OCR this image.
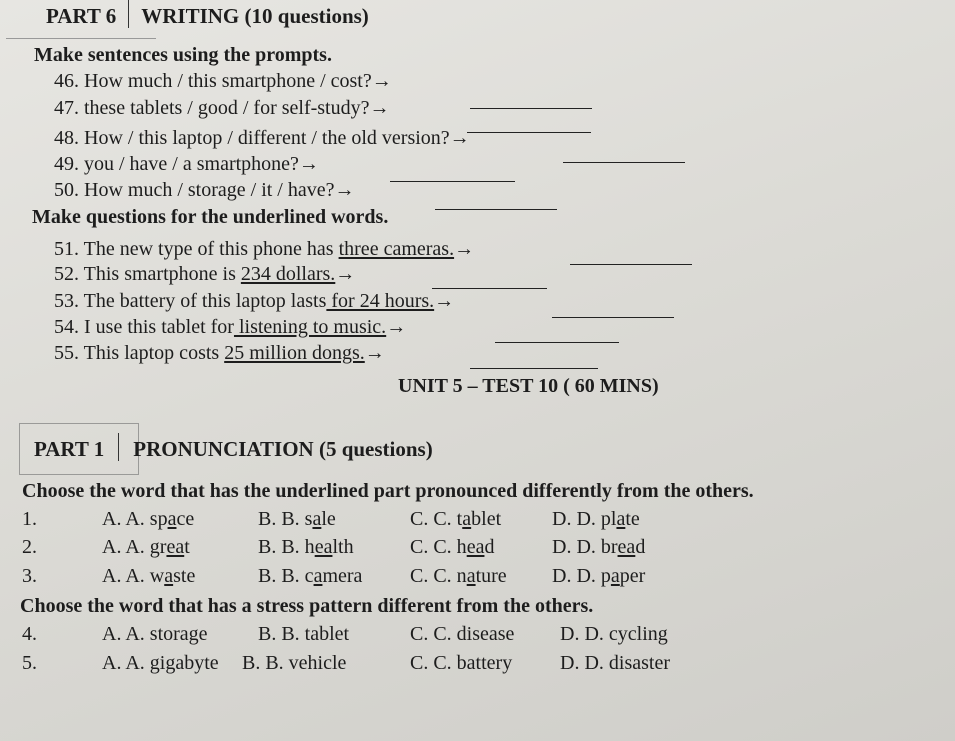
PART 6 WRITING (10 questions)
Make sentences using the prompts.
46. How much / this smartphone / cost?→
47. these tablets / good / for self-study?→
48. How / this laptop / different / the old version?→
49. you / have / a smartphone?→
50. How much / storage / it / have?→
Make questions for the underlined words.
51. The new type of this phone has three cameras.→
52. This smartphone is 234 dollars.→
53. The battery of this laptop lasts for 24 hours.→
54. I use this tablet for listening to music.→
55. This laptop costs 25 million dongs.→
UNIT 5 – TEST 10 ( 60 MINS)
PART 1 PRONUNCIATION (5 questions)
Choose the word that has the underlined part pronounced differently from the others.
1.	A. A. space	B. B. sale	C. C. tablet	D. D. plate
2.	A. A. great	B. B. health	C. C. head	D. D. bread
3.	A. A. waste	B. B. camera C. C. nature D. D. paper
Choose the word that has a stress pattern different from the others.
4.	A. A. storage	B. B. tablet	C. C. disease D. D. cycling
5.	A. A. gigabyte B. B. vehicle	C. C. battery D. D. disaster
